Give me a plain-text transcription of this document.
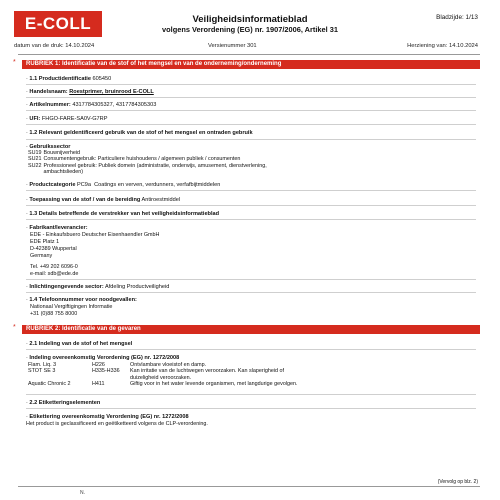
E-COLL	Veiligheidsinformatieblad
volgens Verordening (EG) nr. 1907/2006, Artikel 31
Bladzijde: 1/13
datum van de druk: 14.10.2024	Versienummer 301	Herziening van: 14.10.2024
*	RUBRIEK 1: Identificatie van de stof of het mengsel en van de onderneming/onderneming
· 1.1 Productidentificatie 605450
· Handelsnaam: Roestprimer, bruinrood E-COLL
· Artikelnummer: 4317784305327, 4317784305303
· UFI: FHGO-FARE-SA0V-G7RP
· 1.2 Relevant geïdentificeerd gebruik van de stof of het mengsel en ontraden gebruik
· Gebruikssector
SU19	Bouwnijverheid
SU21	Consumentengebruik: Particuliere huishoudens / algemeen publiek / consumenten
SU22	Professioneel gebruik: Publiek domein (administratie, onderwijs, amusement, dienstverlening,
	ambachtslieden)
· Productcategorie PC9a Coatings en verven, verdunners, verfafbijtmiddelen
· Toepassing van de stof / van de bereiding Antiroestmiddel
· 1.3 Details betreffende de verstrekker van het veiligheidsinformatieblad
· Fabrikant/leverancier:
EDE - Einkaufsbuero Deutscher Eisenhaendler GmbH
EDE Platz 1
D-42389 Wuppertal
Germany
Tel. +49 202 6096-0
e-mail: sdb@ede.de
· Inlichtingengevende sector: Afdeling Productveiligheid
· 1.4 Telefoonnummer voor noodgevallen:
Nationaal Vergiftigingen Informatie
+31 (0)88 755 8000
*	RUBRIEK 2: Identificatie van de gevaren
· 2.1 Indeling van de stof of het mengsel
· Indeling overeenkomstig Verordening (EG) nr. 1272/2008
Flam. Liq. 3	H226	Ontvlambare vloeistof en damp.
STOT SE 3	H335-H336	Kan irritatie van de luchtwegen veroorzaken. Kan slaperigheid of
		duizeligheid veroorzaken.
Aquatic Chronic 2	H411	Giftig voor in het water levende organismen, met langdurige gevolgen.
· 2.2 Etiketteringselementen
· Etikettering overeenkomstig Verordening (EG) nr. 1272/2008
Het product is geclassificeerd en geëtiketteerd volgens de CLP-verordening.
(Vervolg op blz. 2)
N.
